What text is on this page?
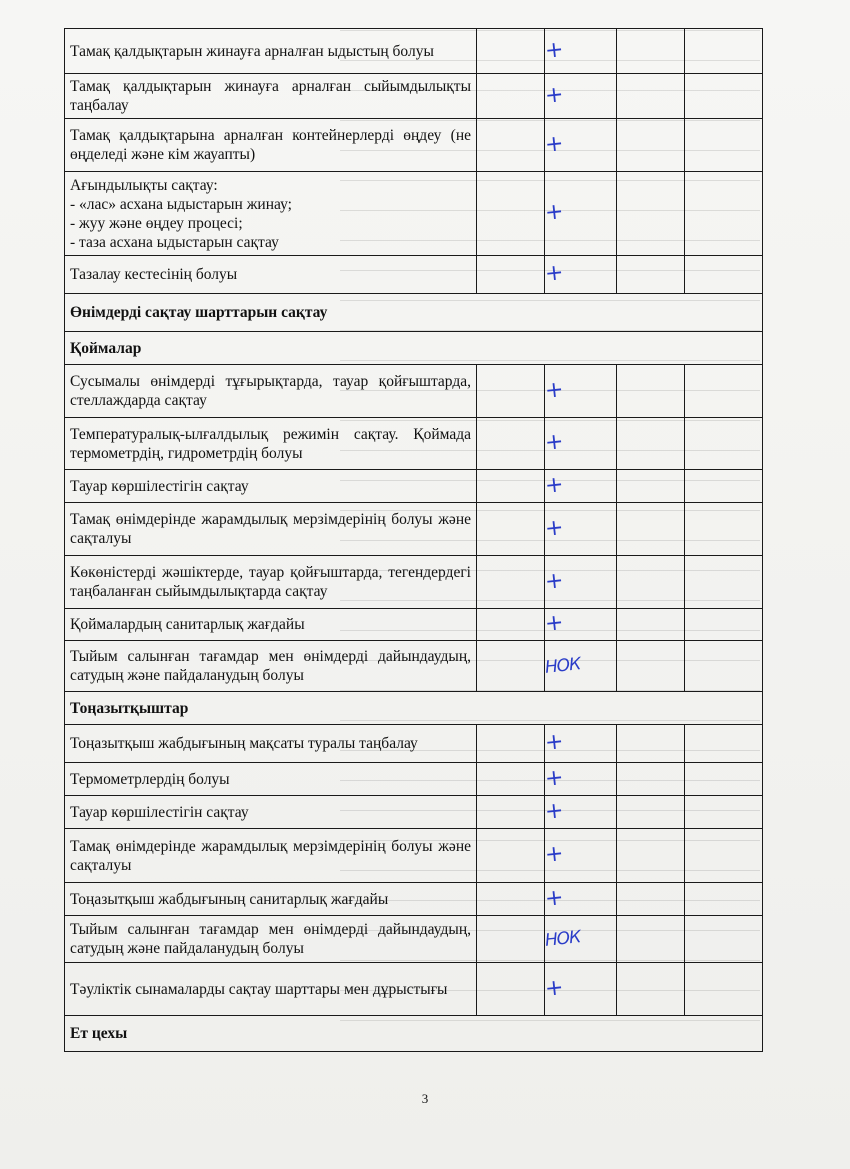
Тамақ қалдықтарын жинауға арналған ыдыстың болуы		+		
Тамақ қалдықтарын жинауға арналған сыйымдылықты таңбалау		+		
Тамақ қалдықтарына арналған контейнерлерді өңдеу (не өңделеді және кім жауапты)		+		

Ағындылықты сақтау:
- «лас» асхана ыдыстарын жинау;
- жуу және өңдеу процесі;
- таза асхана ыдыстарын сақтау		+		
Тазалау кестесінің болуы		+		
Өнімдерді сақтау шарттарын сақтау				
Қоймалар				
Сусымалы өнімдерді тұғырықтарда, тауар қойғыштарда, стеллаждарда сақтау		+		
Температуралық-ылғалдылық режимін сақтау. Қоймада термометрдің, гидрометрдің болуы		+		
Тауар көршілестігін сақтау		+		
Тамақ өнімдерінде жарамдылық мерзімдерінің болуы және сақталуы		+		
Көкөністерді жәшіктерде, тауар қойғыштарда, тегендердегі таңбаланған сыйымдылықтарда сақтау		+		
Қоймалардың санитарлық жағдайы		+		
Тыйым салынған тағамдар мен өнімдерді дайындаудың, сатудың және пайдаланудың болуы		НОК		
Тоңазытқыштар				
Тоңазытқыш жабдығының мақсаты туралы таңбалау		+		
Термометрлердің болуы		+		
Тауар көршілестігін сақтау		+		
Тамақ өнімдерінде жарамдылық мерзімдерінің болуы және сақталуы		+		
Тоңазытқыш жабдығының санитарлық жағдайы		+		
Тыйым салынған тағамдар мен өнімдерді дайындаудың, сатудың және пайдаланудың болуы		НОК		
Тәуліктік сынамаларды сақтау шарттары мен дұрыстығы		+		
Ет цехы				
3
